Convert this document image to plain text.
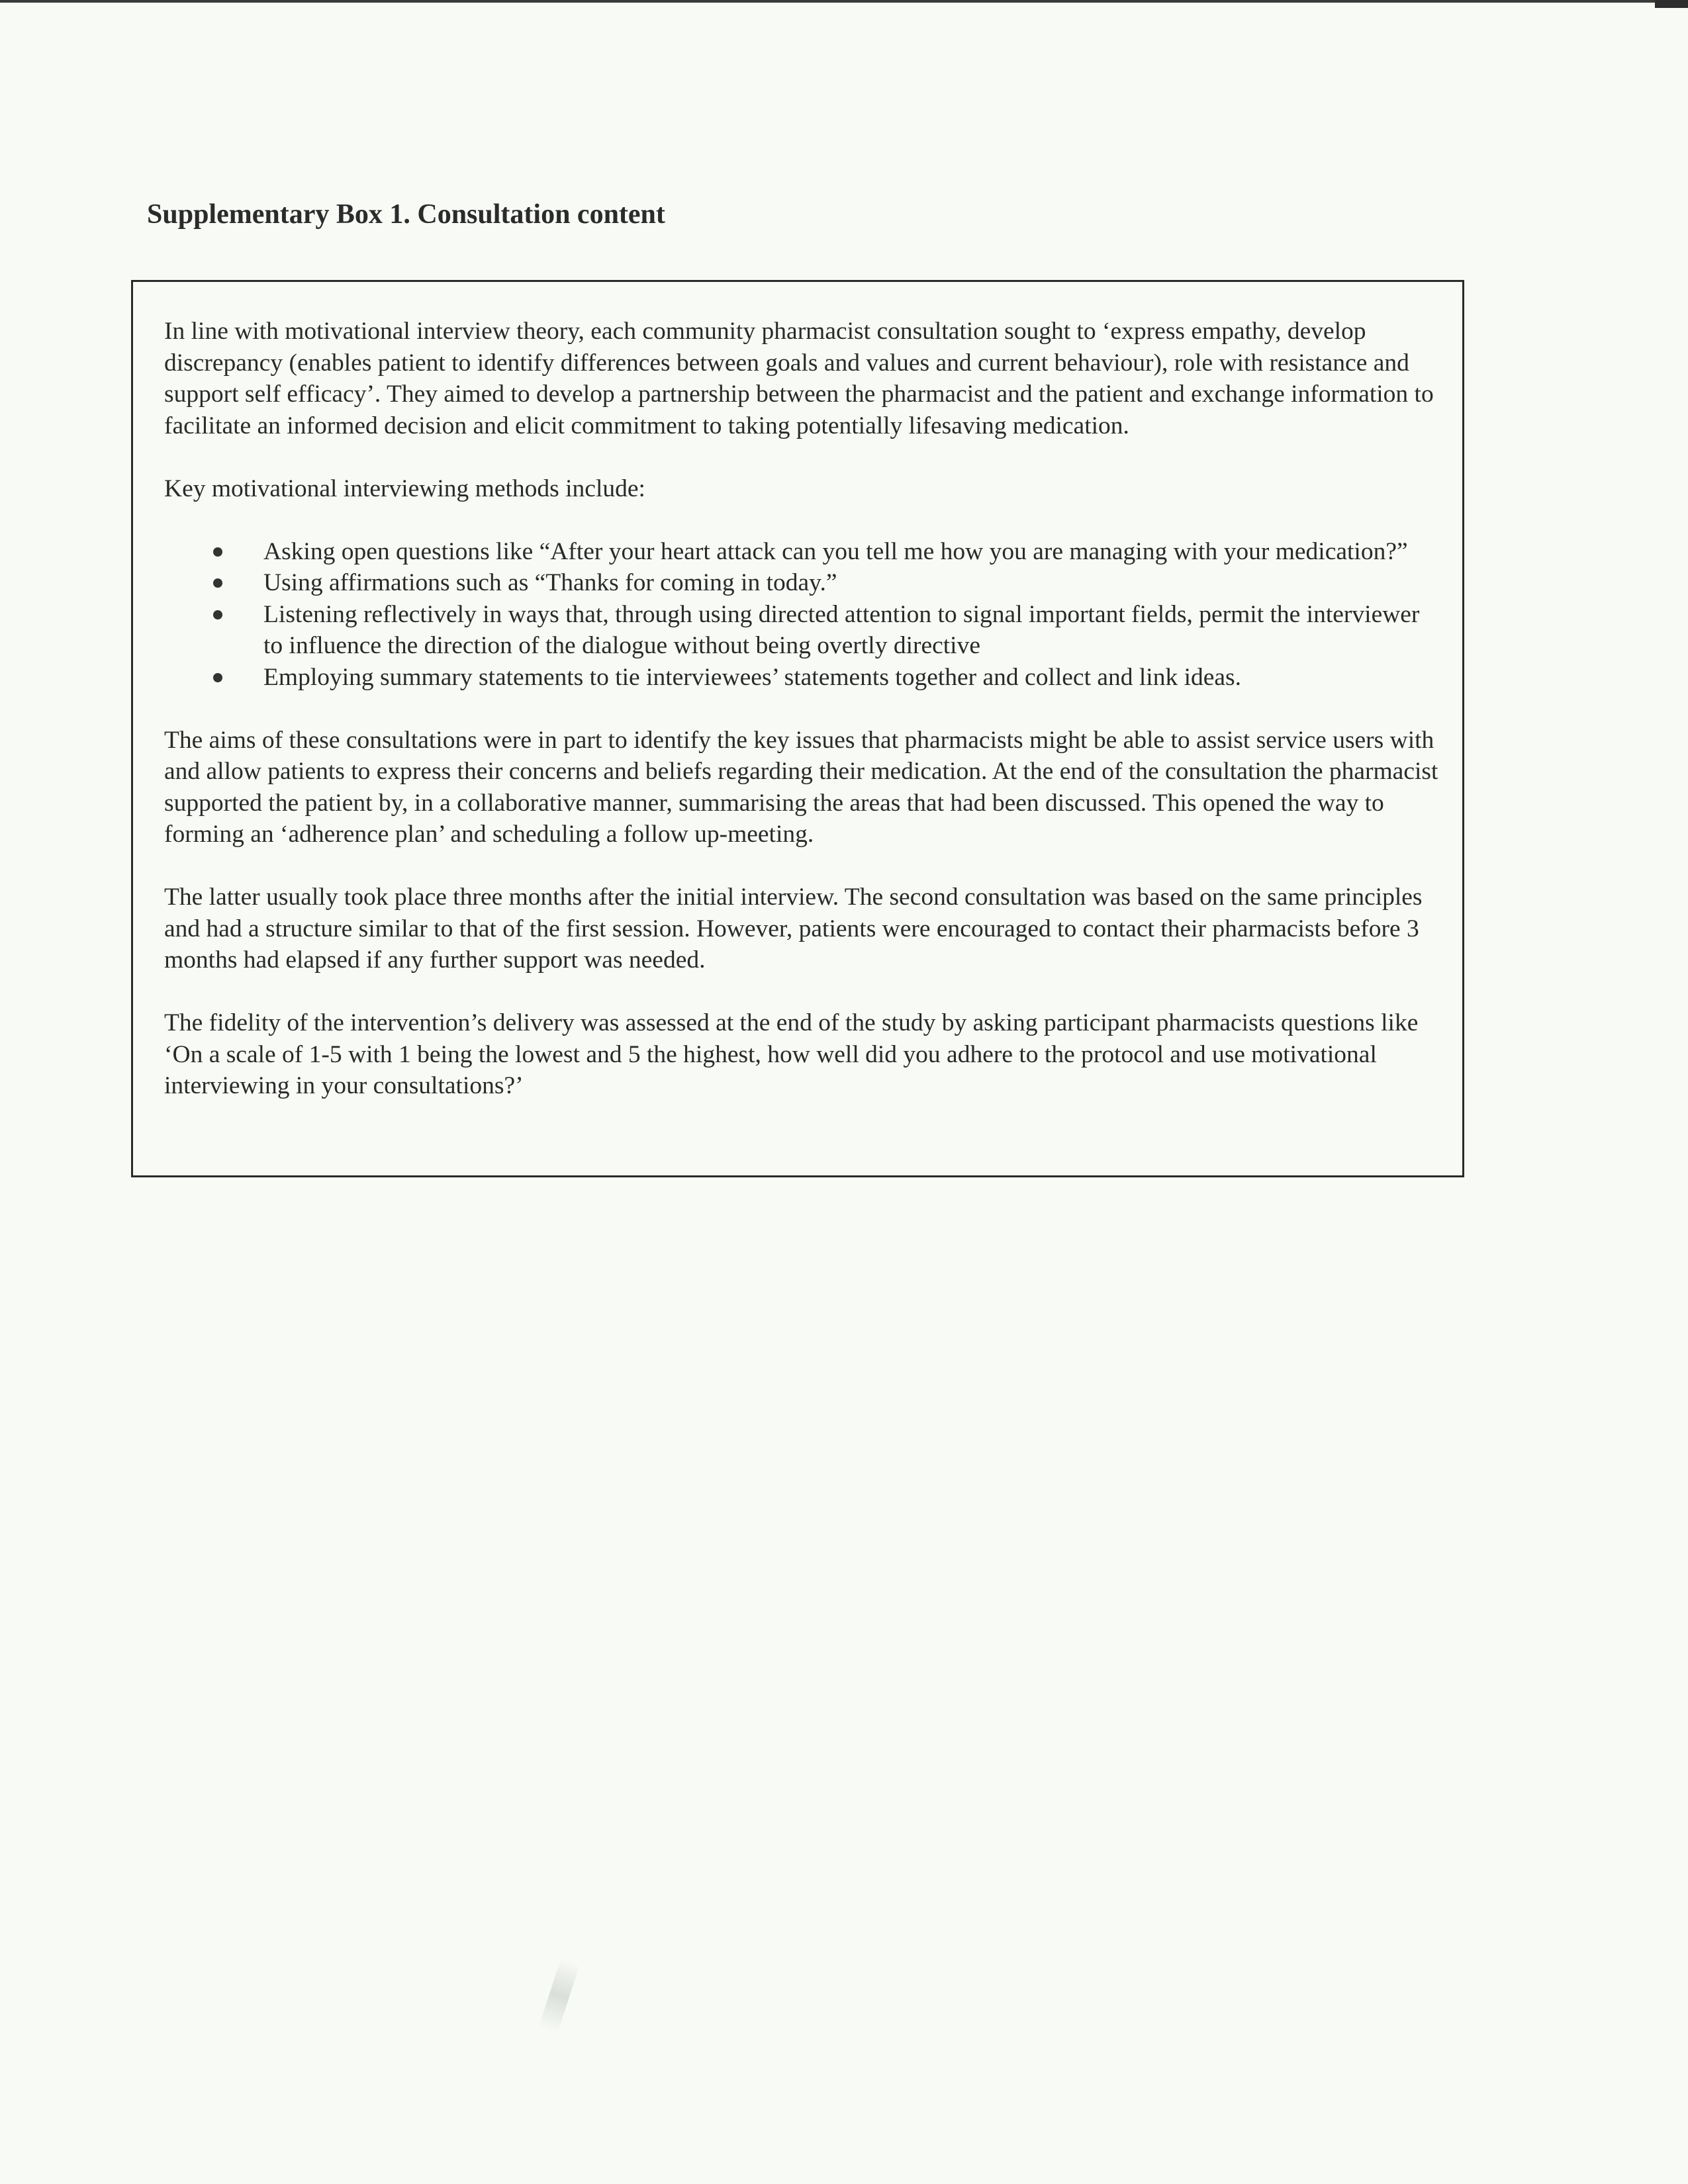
Supplementary Box 1. Consultation content

In line with motivational interview theory, each community pharmacist consultation sought to ‘express empathy, develop discrepancy (enables patient to identify differences between goals and values and current behaviour), role with resistance and support self efficacy’. They aimed to develop a partnership between the pharmacist and the patient and exchange information to facilitate an informed decision and elicit commitment to taking potentially lifesaving medication.

Key motivational interviewing methods include:

Asking open questions like “After your heart attack can you tell me how you are managing with your medication?”
Using affirmations such as “Thanks for coming in today.”
Listening reflectively in ways that, through using directed attention to signal important fields, permit the interviewer to influence the direction of the dialogue without being overtly directive
Employing summary statements to tie interviewees’ statements together and collect and link ideas.

The aims of these consultations were in part to identify the key issues that pharmacists might be able to assist service users with and allow patients to express their concerns and beliefs regarding their medication. At the end of the consultation the pharmacist supported the patient by, in a collaborative manner, summarising the areas that had been discussed. This opened the way to forming an ‘adherence plan’ and scheduling a follow up-meeting.

The latter usually took place three months after the initial interview. The second consultation was based on the same principles and had a structure similar to that of the first session. However, patients were encouraged to contact their pharmacists before 3 months had elapsed if any further support was needed.

The fidelity of the intervention’s delivery was assessed at the end of the study by asking participant pharmacists questions like ‘On a scale of 1-5 with 1 being the lowest and 5 the highest, how well did you adhere to the protocol and use motivational interviewing in your consultations?’
